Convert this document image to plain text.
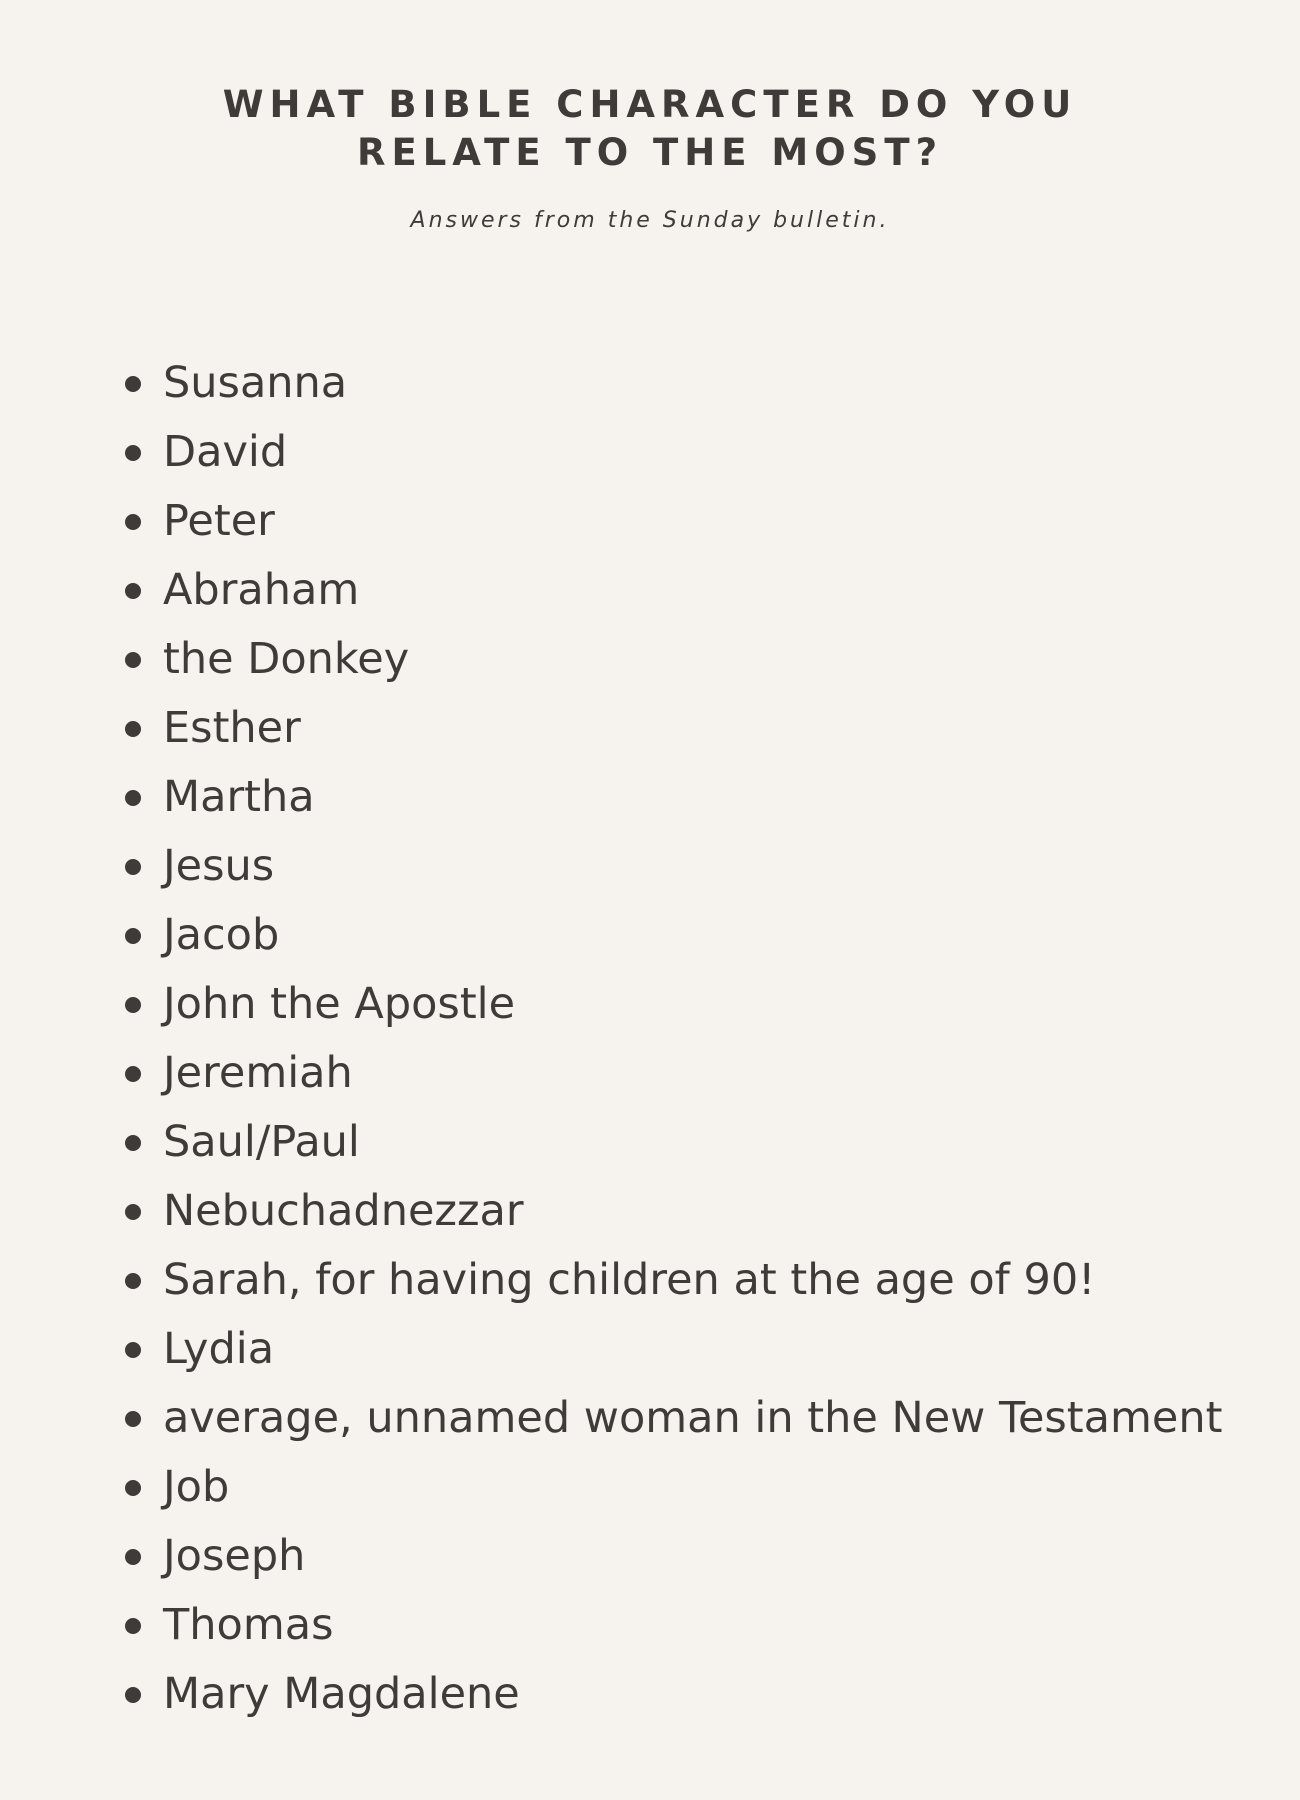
WHAT BIBLE CHARACTER DO YOU
RELATE TO THE MOST?
Answers from the Sunday bulletin.
Susanna
David
Peter
Abraham
the Donkey
Esther
Martha
Jesus
Jacob
John the Apostle
Jeremiah
Saul/Paul
Nebuchadnezzar
Sarah, for having children at the age of 90!
Lydia
average, unnamed woman in the New Testament
Job
Joseph
Thomas
Mary Magdalene
